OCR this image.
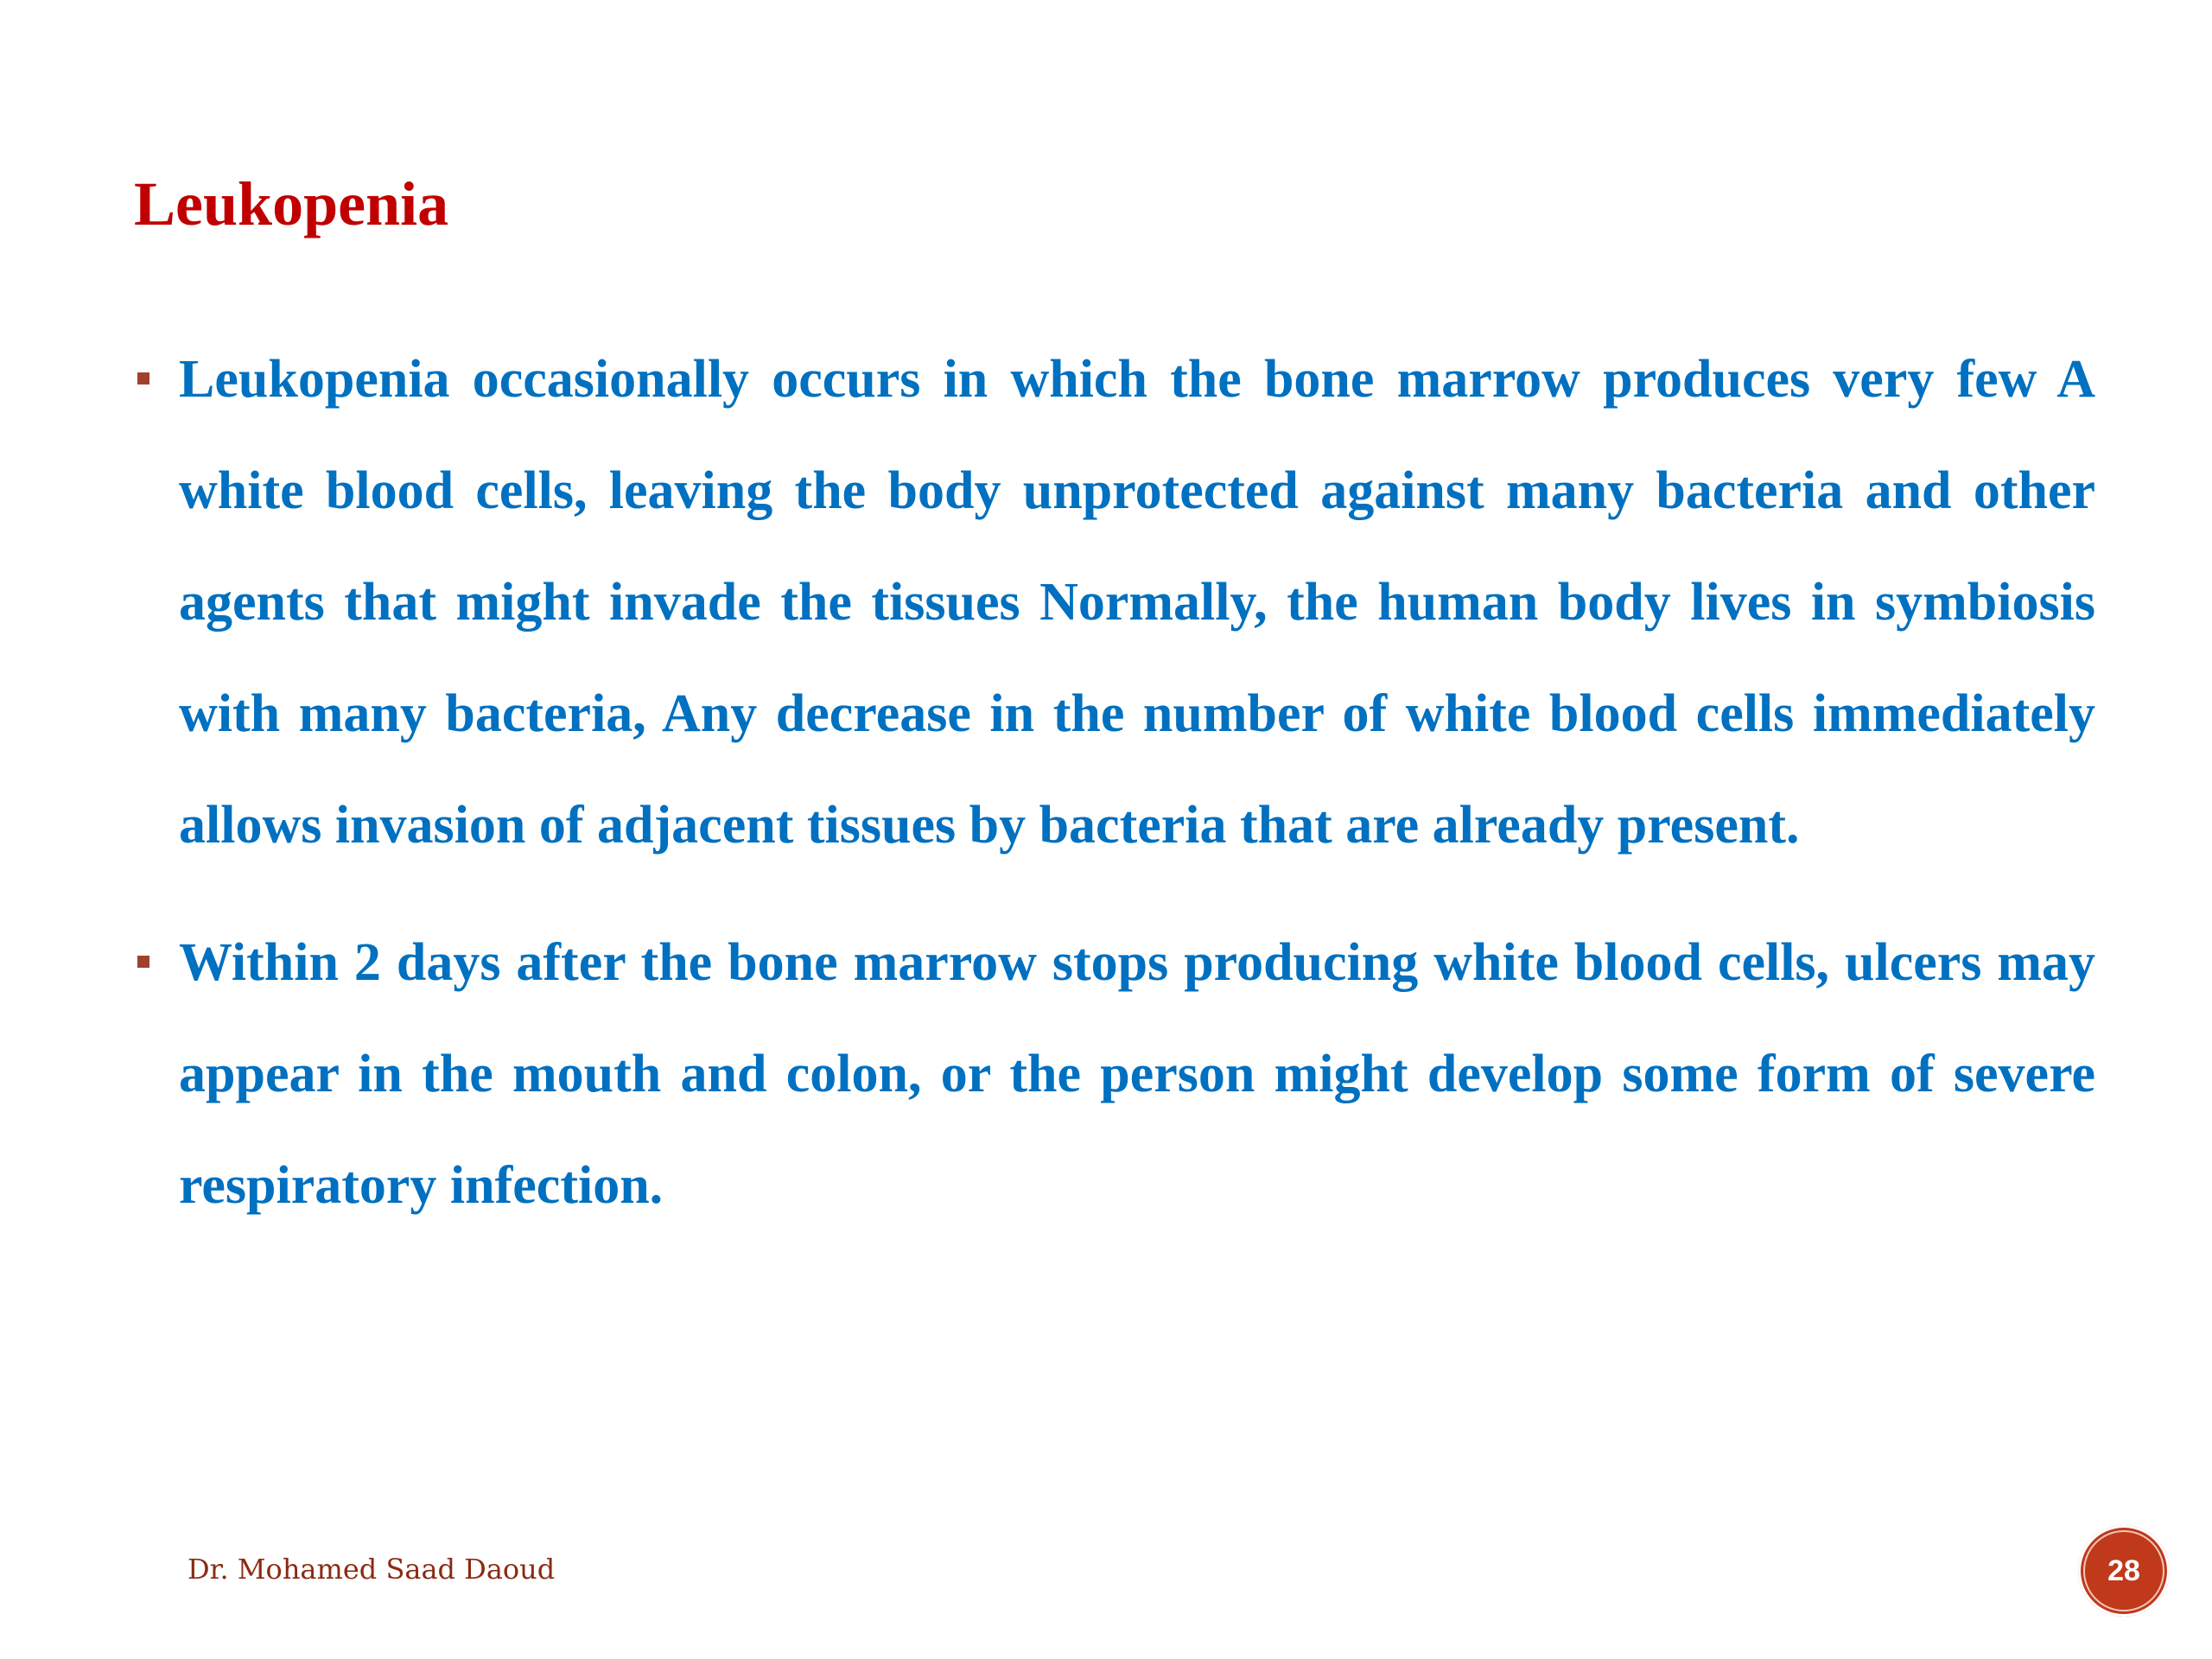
Leukopenia
Leukopenia occasionally occurs in which the bone marrow produces very few A white blood cells, leaving the body unprotected against many bacteria and other agents that might invade the tissues Normally, the human body lives in symbiosis with many bacteria, Any decrease in the number of white blood cells immediately allows invasion of adjacent tissues by bacteria that are already present.
Within 2 days after the bone marrow stops producing white blood cells, ulcers may appear in the mouth and colon, or the person might develop some form of severe respiratory infection.
Dr. Mohamed Saad Daoud	28
